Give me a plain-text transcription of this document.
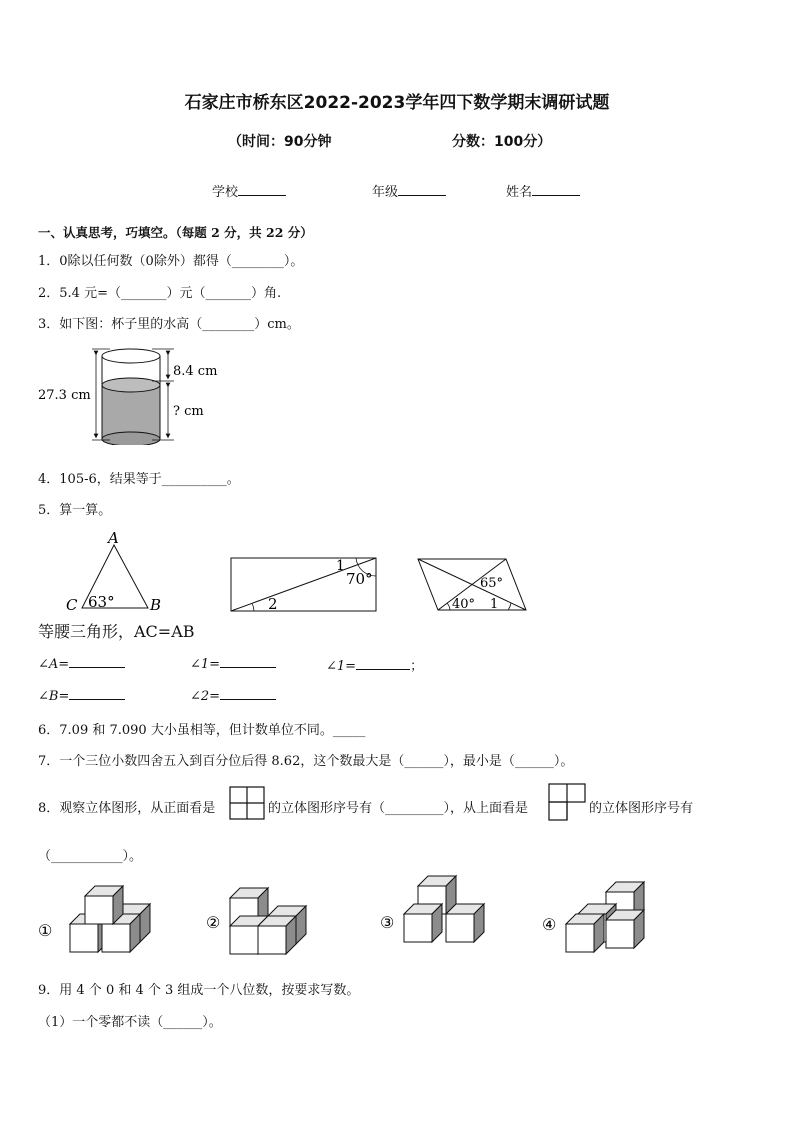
石家庄市桥东区2022-2023学年四下数学期末调研试题
（时间：90分钟	分数：100分）
学校	年级	姓名
一、认真思考，巧填空。（每题 2 分，共 22 分）
1．0除以任何数（0除外）都得（________）。
2．5.4 元=（_______）元（_______）角.
3．如下图：杯子里的水高（________）cm。
27.3 cm
8.4 cm
? cm
4．105-6，结果等于__________。
5．算一算。
A
C	B
63°
1
70°
2
65°
40° 1
等腰三角形，AC=AB
∠A=	∠1=	∠1=	；
∠B=	∠2=
6．7.09 和 7.090 大小虽相等，但计数单位不同。_____
7．一个三位小数四舍五入到百分位后得 8.62，这个数最大是（______），最小是（______）。
8．观察立体图形，从正面看是	的立体图形序号有（_________），从上面看是	的立体图形序号有
（___________）。
①	②	③	④
9．用 4 个 0 和 4 个 3 组成一个八位数，按要求写数。
（1）一个零都不读（______）。
